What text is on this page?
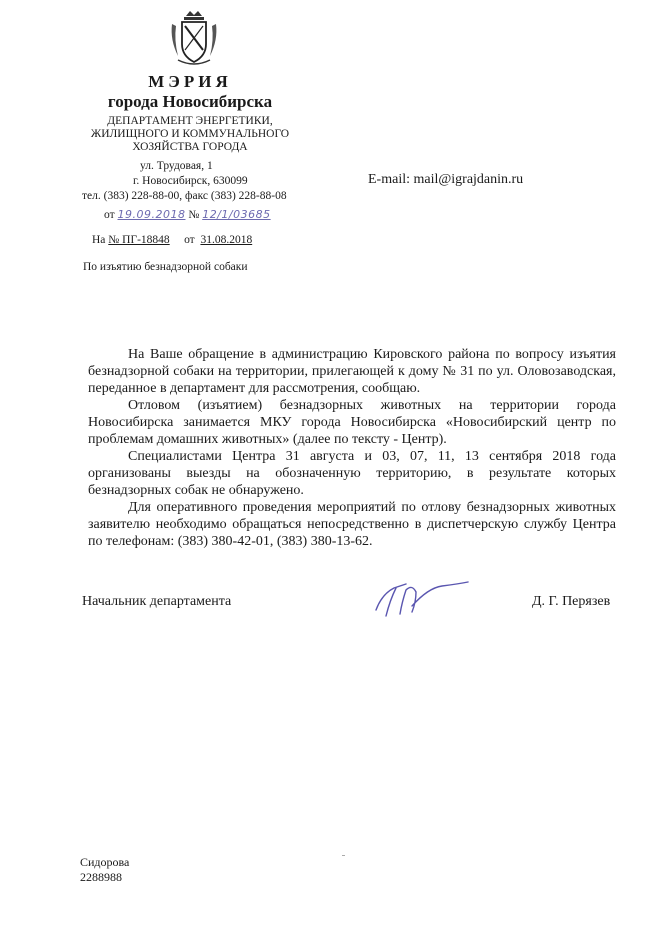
МЭРИЯ
города Новосибирска
ДЕПАРТАМЕНТ ЭНЕРГЕТИКИ,
ЖИЛИЩНОГО И КОММУНАЛЬНОГО
ХОЗЯЙСТВА ГОРОДА
ул. Трудовая, 1
г. Новосибирск, 630099
тел. (383) 228-88-00, факс (383) 228-88-08
E-mail: mail@igrajdanin.ru
от 19.09.2018 № 12/1/03685
На № ПГ-18848 от 31.08.2018
По изъятию безнадзорной собаки

На Ваше обращение в администрацию Кировского района по вопросу изъятия безнадзорной собаки на территории, прилегающей к дому № 31 по ул. Оловозаводская, переданное в департамент для рассмотрения, сообщаю.

Отловом (изъятием) безнадзорных животных на территории города Новосибирска занимается МКУ города Новосибирска «Новосибирский центр по проблемам домашних животных» (далее по тексту - Центр).

Специалистами Центра 31 августа и 03, 07, 11, 13 сентября 2018 года организованы выезды на обозначенную территорию, в результате которых безнадзорных собак не обнаружено.

Для оперативного проведения мероприятий по отлову безнадзорных животных заявителю необходимо обращаться непосредственно в диспетчерскую службу Центра по телефонам: (383) 380-42-01, (383) 380-13-62.

Начальник департамента	Д. Г. Перязев
Сидорова
2288988
